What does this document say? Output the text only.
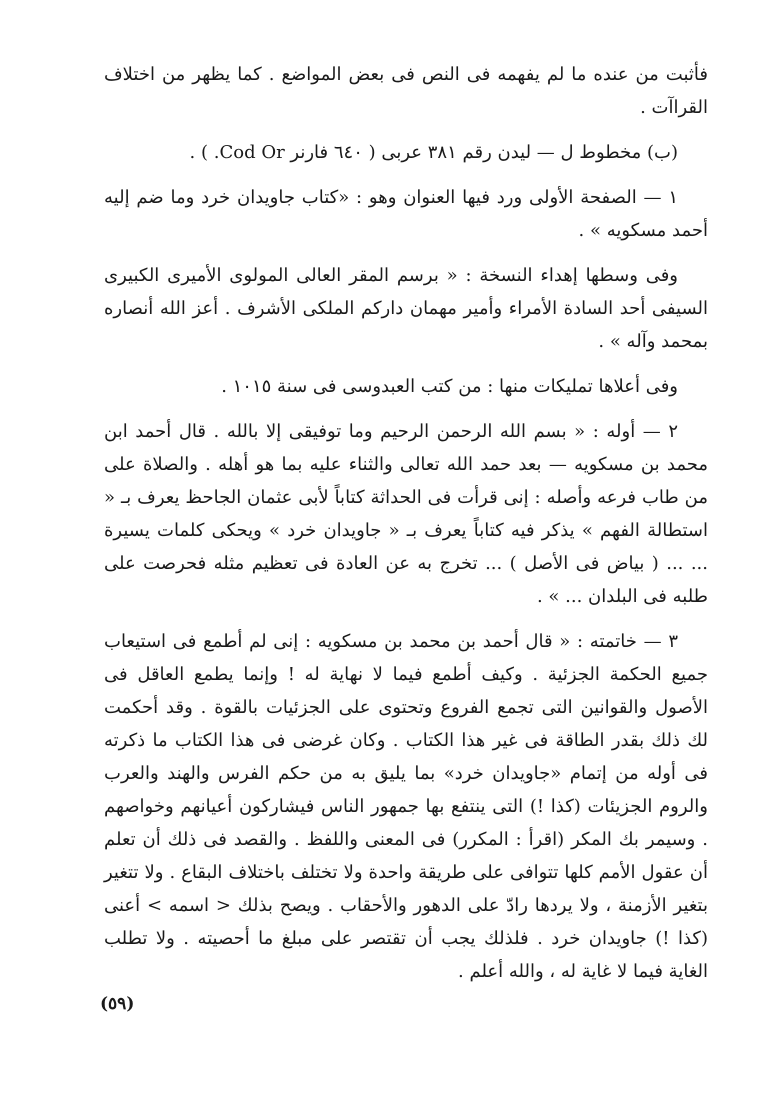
فأثبت من عنده ما لم يفهمه فى النص فى بعض المواضع . كما يظهر من اختلاف القراآت .

(ب) مخطوط ل — ليدن رقم ٣٨١ عربى ( ٦٤٠ فارنر Cod Or. ) .

١ — الصفحة الأولى ورد فيها العنوان وهو : «كتاب جاويدان خرد وما ضم إليه أحمد مسكويه » .

وفى وسطها إهداء النسخة : « برسم المقر العالى المولوى الأميرى الكبيرى السيفى أحد السادة الأمراء وأمير مهمان داركم الملكى الأشرف . أعز الله أنصاره بمحمد وآله » .

وفى أعلاها تمليكات منها : من كتب العبدوسى فى سنة ١٠١٥ .

٢ — أوله : « بسم الله الرحمن الرحيم وما توفيقى إلا بالله . قال أحمد ابن محمد بن مسكويه — بعد حمد الله تعالى والثناء عليه بما هو أهله . والصلاة على من طاب فرعه وأصله : إنى قرأت فى الحداثة كتاباً لأبى عثمان الجاحظ يعرف بـ « استطالة الفهم » يذكر فيه كتاباً يعرف بـ « جاويدان خرد » ويحكى كلمات يسيرة ... ... ( بياض فى الأصل ) ... تخرج به عن العادة فى تعظيم مثله فحرصت على طلبه فى البلدان ... » .

٣ — خاتمته : « قال أحمد بن محمد بن مسكويه : إنى لم أطمع فى استيعاب جميع الحكمة الجزئية . وكيف أطمع فيما لا نهاية له ! وإنما يطمع العاقل فى الأصول والقوانين التى تجمع الفروع وتحتوى على الجزئيات بالقوة . وقد أحكمت لك ذلك بقدر الطاقة فى غير هذا الكتاب . وكان غرضى فى هذا الكتاب ما ذكرته فى أوله من إتمام «جاويدان خرد» بما يليق به من حكم الفرس والهند والعرب والروم الجزيئات (كذا !) التى ينتفع بها جمهور الناس فيشاركون أعيانهم وخواصهم . وسيمر بك المكر (اقرأ : المكرر) فى المعنى واللفظ . والقصد فى ذلك أن تعلم أن عقول الأمم كلها تتوافى على طريقة واحدة ولا تختلف باختلاف البقاع . ولا تتغير بتغير الأزمنة ، ولا يردها رادّ على الدهور والأحقاب . ويصح بذلك < اسمه > أعنى (كذا !) جاويدان خرد . فلذلك يجب أن تقتصر على مبلغ ما أحصيته . ولا تطلب الغاية فيما لا غاية له ، والله أعلم .

(٥٩)
